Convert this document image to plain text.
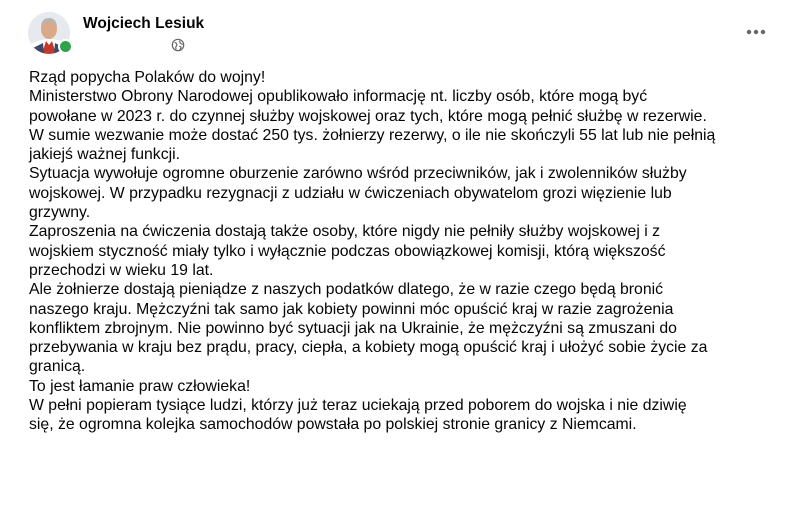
Wojciech Lesiuk

Rząd popycha Polaków do wojny!

Ministerstwo Obrony Narodowej opublikowało informację nt. liczby osób, które mogą być

powołane w 2023 r. do czynnej służby wojskowej oraz tych, które mogą pełnić służbę w rezerwie.

W sumie wezwanie może dostać 250 tys. żołnierzy rezerwy, o ile nie skończyli 55 lat lub nie pełnią

jakiejś ważnej funkcji.

Sytuacja wywołuje ogromne oburzenie zarówno wśród przeciwników, jak i zwolenników służby

wojskowej. W przypadku rezygnacji z udziału w ćwiczeniach obywatelom grozi więzienie lub

grzywny.

Zaproszenia na ćwiczenia dostają także osoby, które nigdy nie pełniły służby wojskowej i z

wojskiem styczność miały tylko i wyłącznie podczas obowiązkowej komisji, którą większość

przechodzi w wieku 19 lat.

Ale żołnierze dostają pieniądze z naszych podatków dlatego, że w razie czego będą bronić

naszego kraju. Mężczyźni tak samo jak kobiety powinni móc opuścić kraj w razie zagrożenia

konfliktem zbrojnym. Nie powinno być sytuacji jak na Ukrainie, że mężczyźni są zmuszani do

przebywania w kraju bez prądu, pracy, ciepła, a kobiety mogą opuścić kraj i ułożyć sobie życie za

granicą.

To jest łamanie praw człowieka!

W pełni popieram tysiące ludzi, którzy już teraz uciekają przed poborem do wojska i nie dziwię

się, że ogromna kolejka samochodów powstała po polskiej stronie granicy z Niemcami.
